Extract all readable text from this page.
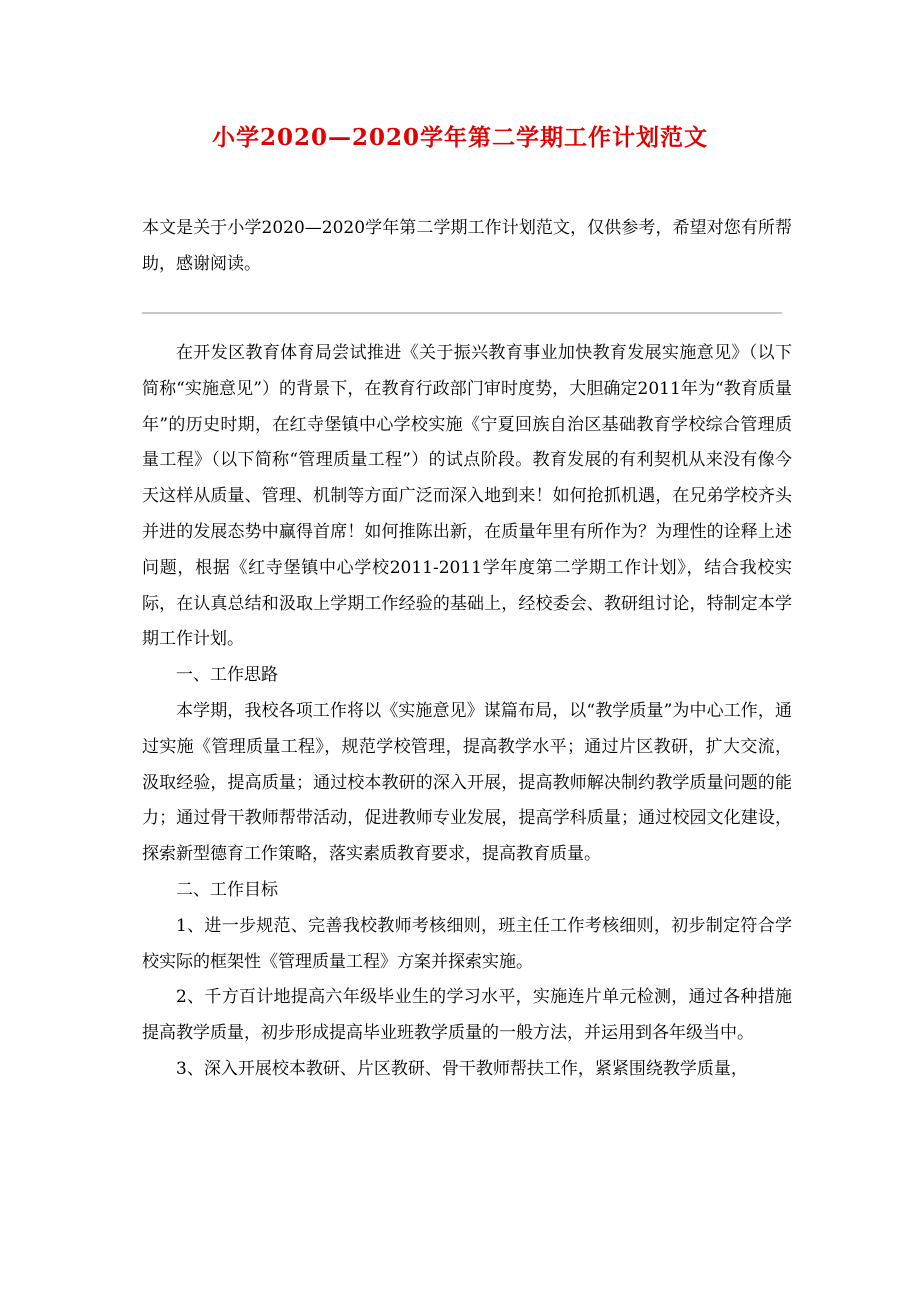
小学2020—2020学年第二学期工作计划范文

本文是关于小学2020—2020学年第二学期工作计划范文，仅供参考，希望对您有所帮助，感谢阅读。

在开发区教育体育局尝试推进《关于振兴教育事业加快教育发展实施意见》（以下简称“实施意见”）的背景下，在教育行政部门审时度势，大胆确定2011年为“教育质量年”的历史时期，在红寺堡镇中心学校实施《宁夏回族自治区基础教育学校综合管理质量工程》（以下简称“管理质量工程”）的试点阶段。教育发展的有利契机从来没有像今天这样从质量、管理、机制等方面广泛而深入地到来！如何抢抓机遇，在兄弟学校齐头并进的发展态势中赢得首席！如何推陈出新，在质量年里有所作为？为理性的诠释上述问题，根据《红寺堡镇中心学校2011-2011学年度第二学期工作计划》，结合我校实际，在认真总结和汲取上学期工作经验的基础上，经校委会、教研组讨论，特制定本学期工作计划。

一、工作思路

本学期，我校各项工作将以《实施意见》谋篇布局，以“教学质量”为中心工作，通过实施《管理质量工程》，规范学校管理，提高教学水平；通过片区教研，扩大交流，汲取经验，提高质量；通过校本教研的深入开展，提高教师解决制约教学质量问题的能力；通过骨干教师帮带活动，促进教师专业发展，提高学科质量；通过校园文化建设，探索新型德育工作策略，落实素质教育要求，提高教育质量。

二、工作目标

1、进一步规范、完善我校教师考核细则，班主任工作考核细则，初步制定符合学校实际的框架性《管理质量工程》方案并探索实施。

2、千方百计地提高六年级毕业生的学习水平，实施连片单元检测，通过各种措施提高教学质量，初步形成提高毕业班教学质量的一般方法，并运用到各年级当中。

3、深入开展校本教研、片区教研、骨干教师帮扶工作，紧紧围绕教学质量，
